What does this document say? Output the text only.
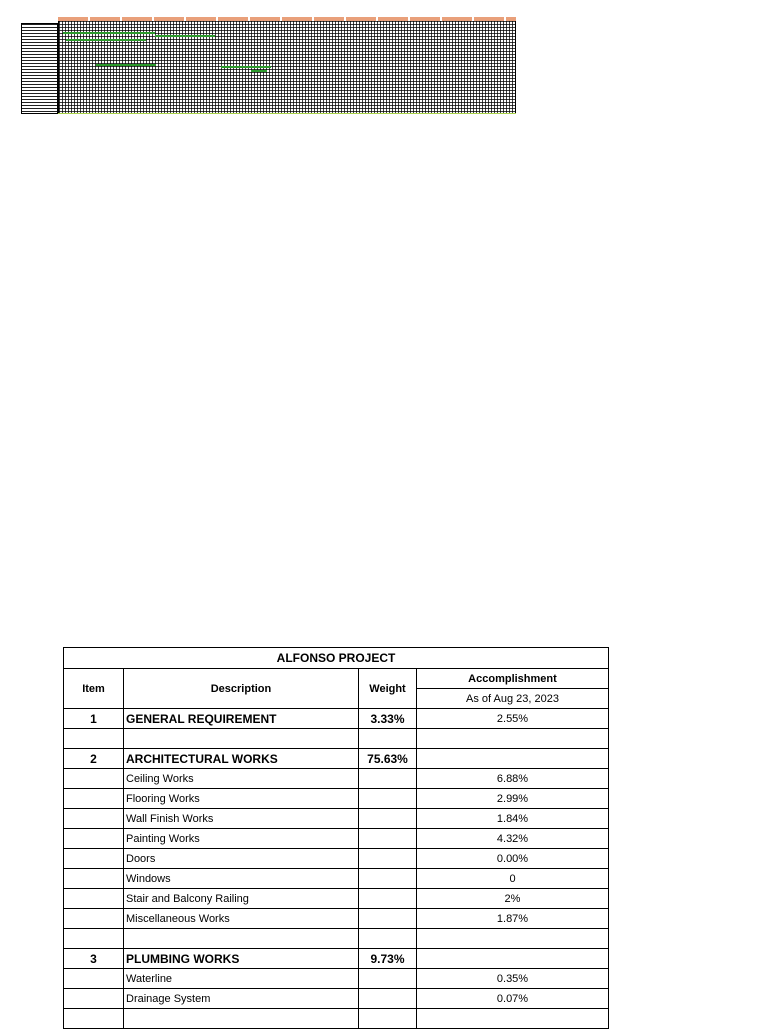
ALFONSO PROJECT			
Item	Description	Weight	Accomplishment
			As of Aug 23, 2023
1	GENERAL REQUIREMENT	3.33%	2.55%

2	ARCHITECTURAL WORKS	75.63%	
	Ceiling Works		6.88%
	Flooring Works		2.99%
	Wall Finish Works		1.84%
	Painting Works		4.32%
	Doors		0.00%
	Windows		0
	Stair and Balcony Railing		2%
	Miscellaneous Works		1.87%

3	PLUMBING WORKS	9.73%	
	Waterline		0.35%
	Drainage System		0.07%
